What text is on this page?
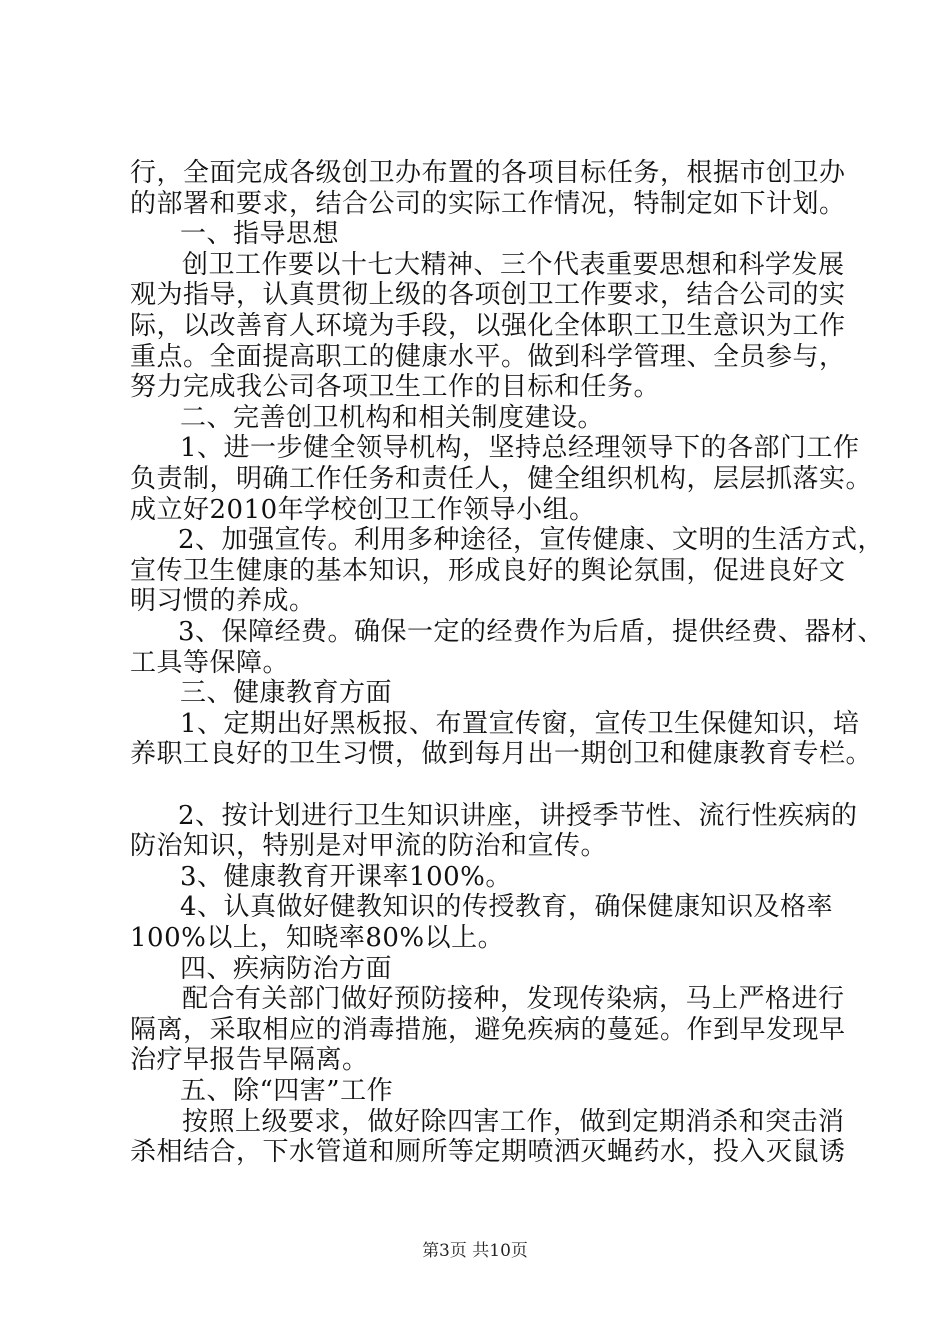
行，全面完成各级创卫办布置的各项目标任务，根据市创卫办
的部署和要求，结合公司的实际工作情况，特制定如下计划。
一、指导思想
创卫工作要以十七大精神、三个代表重要思想和科学发展
观为指导，认真贯彻上级的各项创卫工作要求，结合公司的实
际，以改善育人环境为手段，以强化全体职工卫生意识为工作
重点。全面提高职工的健康水平。做到科学管理、全员参与，
努力完成我公司各项卫生工作的目标和任务。
二、完善创卫机构和相关制度建设。
1、进一步健全领导机构，坚持总经理领导下的各部门工作
负责制，明确工作任务和责任人，健全组织机构，层层抓落实。
成立好2010年学校创卫工作领导小组。
2、加强宣传。利用多种途径，宣传健康、文明的生活方式，
宣传卫生健康的基本知识，形成良好的舆论氛围，促进良好文
明习惯的养成。
3、保障经费。确保一定的经费作为后盾，提供经费、器材、
工具等保障。
三、健康教育方面
1、定期出好黑板报、布置宣传窗，宣传卫生保健知识，培
养职工良好的卫生习惯，做到每月出一期创卫和健康教育专栏。
2、按计划进行卫生知识讲座，讲授季节性、流行性疾病的
防治知识，特别是对甲流的防治和宣传。
3、健康教育开课率100%。
4、认真做好健教知识的传授教育，确保健康知识及格率
100%以上，知晓率80%以上。
四、疾病防治方面
配合有关部门做好预防接种，发现传染病，马上严格进行
隔离，采取相应的消毒措施，避免疾病的蔓延。作到早发现早
治疗早报告早隔离。
五、除“四害”工作
按照上级要求，做好除四害工作，做到定期消杀和突击消
杀相结合，下水管道和厕所等定期喷洒灭蝇药水，投入灭鼠诱
第3页 共10页
